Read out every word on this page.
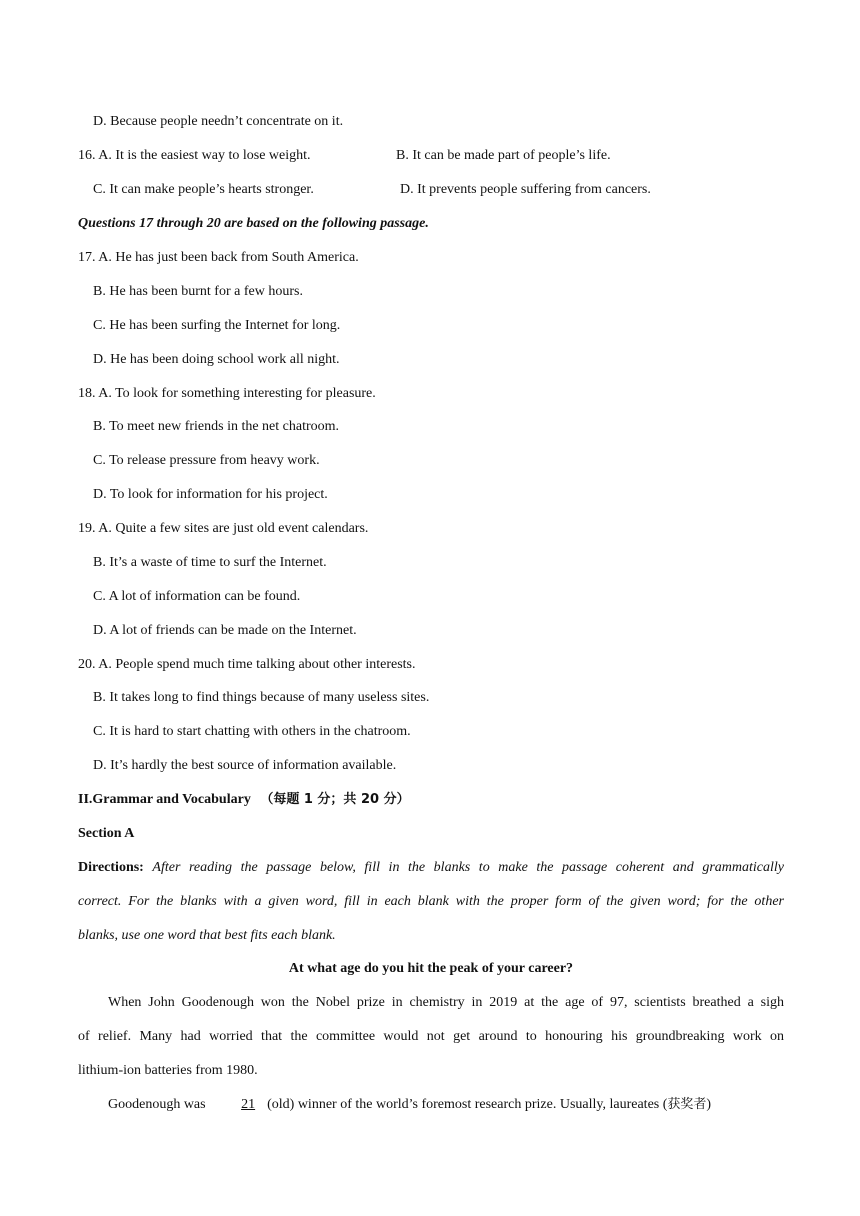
D. Because people needn’t concentrate on it.
16. A. It is the easiest way to lose weight.	B. It can be made part of people’s life.
C. It can make people’s hearts stronger.	D. It prevents people suffering from cancers.
Questions 17 through 20 are based on the following passage.
17. A. He has just been back from South America.
B. He has been burnt for a few hours.
C. He has been surfing the Internet for long.
D. He has been doing school work all night.
18. A. To look for something interesting for pleasure.
B. To meet new friends in the net chatroom.
C. To release pressure from heavy work.
D. To look for information for his project.
19. A. Quite a few sites are just old event calendars.
B. It’s a waste of time to surf the Internet.
C. A lot of information can be found.
D. A lot of friends can be made on the Internet.
20. A. People spend much time talking about other interests.
B. It takes long to find things because of many useless sites.
C. It is hard to start chatting with others in the chatroom.
D. It’s hardly the best source of information available.
II.Grammar and Vocabulary （每题 1 分；共 20 分）
Section A
Directions: After reading the passage below, fill in the blanks to make the passage coherent and grammatically
correct. For the blanks with a given word, fill in each blank with the proper form of the given word; for the other
blanks, use one word that best fits each blank.
At what age do you hit the peak of your career?
When John Goodenough won the Nobel prize in chemistry in 2019 at the age of 97, scientists breathed a sigh
of relief. Many had worried that the committee would not get around to honouring his groundbreaking work on
lithium-ion batteries from 1980.
Goodenough was	21 (old) winner of the world’s foremost research prize. Usually, laureates (获奖者)
